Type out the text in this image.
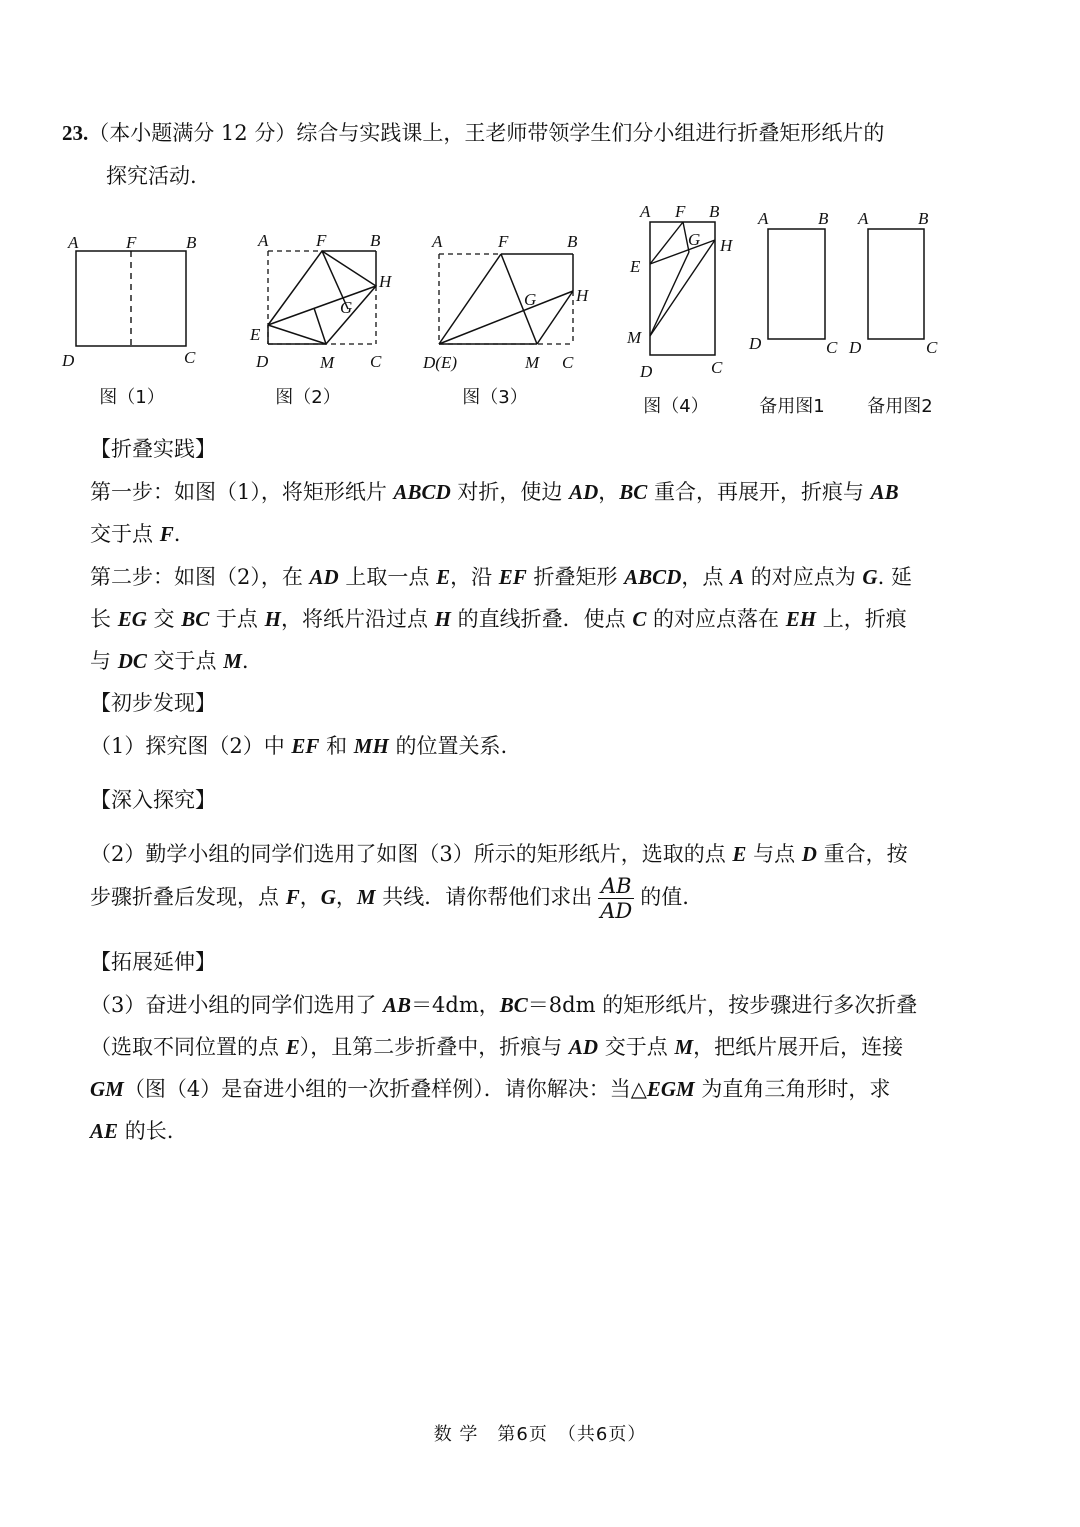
23.（本小题满分 12 分）综合与实践课上，王老师带领学生们分小组进行折叠矩形纸片的
探究活动.
A	F	B
D	C
A	F	B
H
G
E
D	M C
A	F	B
H
G
D(E)	M C
A F B
G H
E
M
D	C
A	B
D	C
A	B
D	C
图（1）	图（2）	图（3）	图（4）	备用图1	备用图2
【折叠实践】
第一步：如图（1），将矩形纸片 ABCD 对折，使边 AD，BC 重合，再展开，折痕与 AB
交于点 F.
第二步：如图（2），在 AD 上取一点 E，沿 EF 折叠矩形 ABCD，点 A 的对应点为 G. 延
长 EG 交 BC 于点 H，将纸片沿过点 H 的直线折叠．使点 C 的对应点落在 EH 上，折痕
与 DC 交于点 M.
【初步发现】
（1）探究图（2）中 EF 和 MH 的位置关系.
【深入探究】
（2）勤学小组的同学们选用了如图（3）所示的矩形纸片，选取的点 E 与点 D 重合，按
步骤折叠后发现，点 F，G，M 共线．请你帮他们求出 $\frac{AB}{AD}$ 的值.
【拓展延伸】
（3）奋进小组的同学们选用了 AB＝4dm，BC＝8dm 的矩形纸片，按步骤进行多次折叠
（选取不同位置的点 E），且第二步折叠中，折痕与 AD 交于点 M，把纸片展开后，连接
GM（图（4）是奋进小组的一次折叠样例）．请你解决：当△EGM 为直角三角形时，求
AE 的长.
数 学　第6页　（共6页）
